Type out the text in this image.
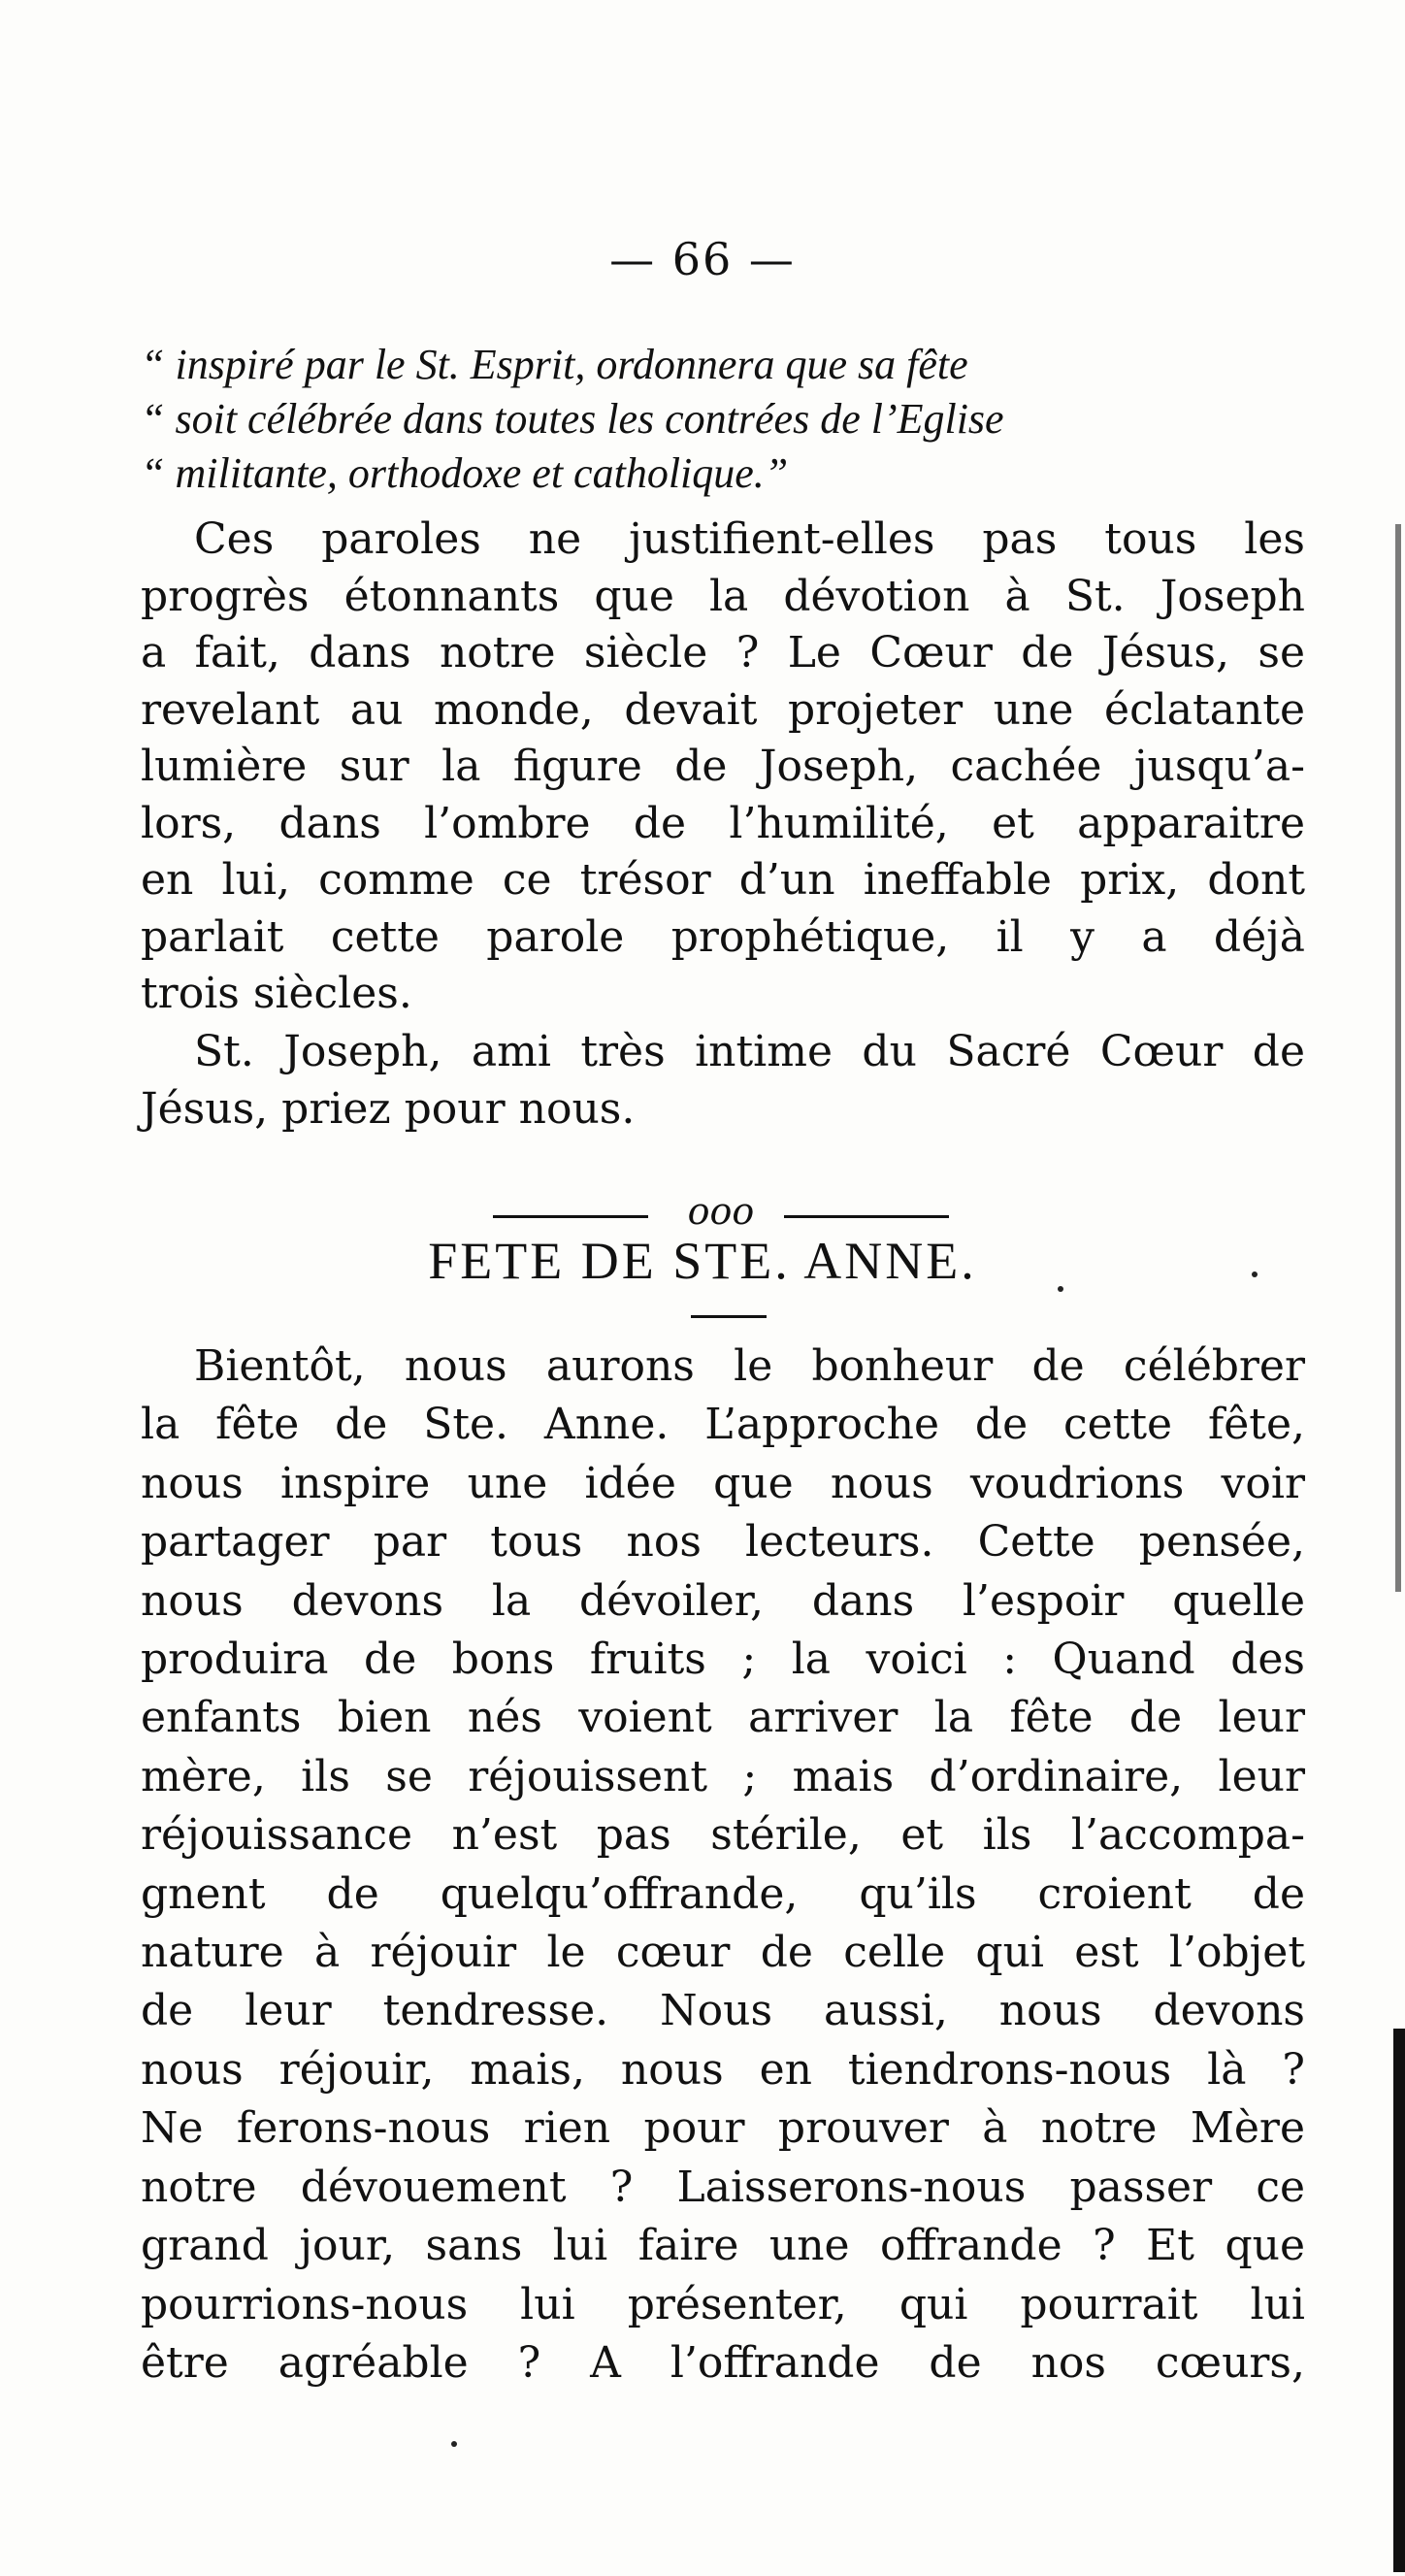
— 66 —
“ inspiré par le St. Esprit, ordonnera que sa fête
“ soit célébrée dans toutes les contrées de l’Eglise
“ militante, orthodoxe et catholique.”
Ces paroles ne justifient-elles pas tous les
progrès étonnants que la dévotion à St. Joseph
a fait, dans notre siècle ? Le Cœur de Jésus, se
revelant au monde, devait projeter une éclatante
lumière sur la figure de Joseph, cachée jusqu’a-
lors, dans l’ombre de l’humilité, et apparaitre
en lui, comme ce trésor d’un ineffable prix, dont
parlait cette parole prophétique, il y a déjà
trois siècles.
St. Joseph, ami très intime du Sacré Cœur de
Jésus, priez pour nous.
ooo
FETE DE STE. ANNE.
Bientôt, nous aurons le bonheur de célébrer
la fête de Ste. Anne. L’approche de cette fête,
nous inspire une idée que nous voudrions voir
partager par tous nos lecteurs. Cette pensée,
nous devons la dévoiler, dans l’espoir quelle
produira de bons fruits ; la voici : Quand des
enfants bien nés voient arriver la fête de leur
mère, ils se réjouissent ; mais d’ordinaire, leur
réjouissance n’est pas stérile, et ils l’accompa-
gnent de quelqu’offrande, qu’ils croient de
nature à réjouir le cœur de celle qui est l’objet
de leur tendresse. Nous aussi, nous devons
nous réjouir, mais, nous en tiendrons-nous là ?
Ne ferons-nous rien pour prouver à notre Mère
notre dévouement ? Laisserons-nous passer ce
grand jour, sans lui faire une offrande ? Et que
pourrions-nous lui présenter, qui pourrait lui
être agréable ? A l’offrande de nos cœurs,
